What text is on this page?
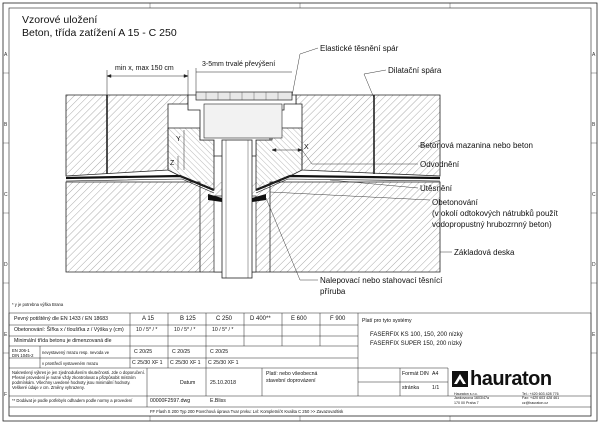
A
B
C
D
E
F
A
B
C
D
E
Vzorové uložení
Beton, třída zatížení A 15 - C 250
min x, max 150 cm
3-5mm trvalé převýšení
Y
Z
X
* y je potrebna výška Brana
Elastické těsnění spár
Dilatační spára
Betonová mazanina nebo beton
Odvodnění
Utěsnění
Obetonování
(v okolí odtokových nátrubků použít
vodopropustný hrubozrnný beton)
Základová deska
Nalepovací nebo stahovací těsnící
příruba
Pevný potištěný dle EN 1433 / EN 18683	A 15	B 125	C 250	D 400**	E 600	F 900
Obetonování: Šířka x / tloušťka z / Výška y (cm) 10 / 5* / *	10 / 5* / *	10 / 5* / *
Minimální třída betonu je dimenzovaná dle
EN 206-1
DIN 1045-2
nevystavený mrazu resp. nevoda ve	C 20/25	C 20/25	C 20/25
v prostředí vystaveném mrazu	C 25/30 XF 1 C 25/30 XF 1 C 25/30 XF 1
Nakreslený výkres je jen zjednodušením skutečnosti. Jde o doporučení. Přesné provedení je nutné vždy zkontrolovat a přizpůsobit místním podmínkám. Všechny uvedené hodnoty jsou minimální hodnoty. Veškeré údaje v cm. Změny vyhrazeny.
Datum	25.10.2018
Platí: nebo všeobecná
stavební doprovázení
00000F2597.dwg	E.Bliss
** Dodávat je podle potřeby/s odhadem podle normy a provedení
FF Flash S 200 Typ 200 Povrchová úprava Tvar prvku: Lvl: Kompletní/X Kvalita C 250 >> Zavazovat/tisk
Platí pro tyto systémy
FASERFIX KS 100, 150, 200 nízký
FASERFIX SUPER 150, 200 nízký
Formát DIN A4
stránka 1/1 hauraton
Hauraton s.r.o.
Jankovcova 1603/47a
170 00 Praha 7
Tel.: +420 603 428 776
Fax: +420 603 428 461
cz@hauraton.cz
